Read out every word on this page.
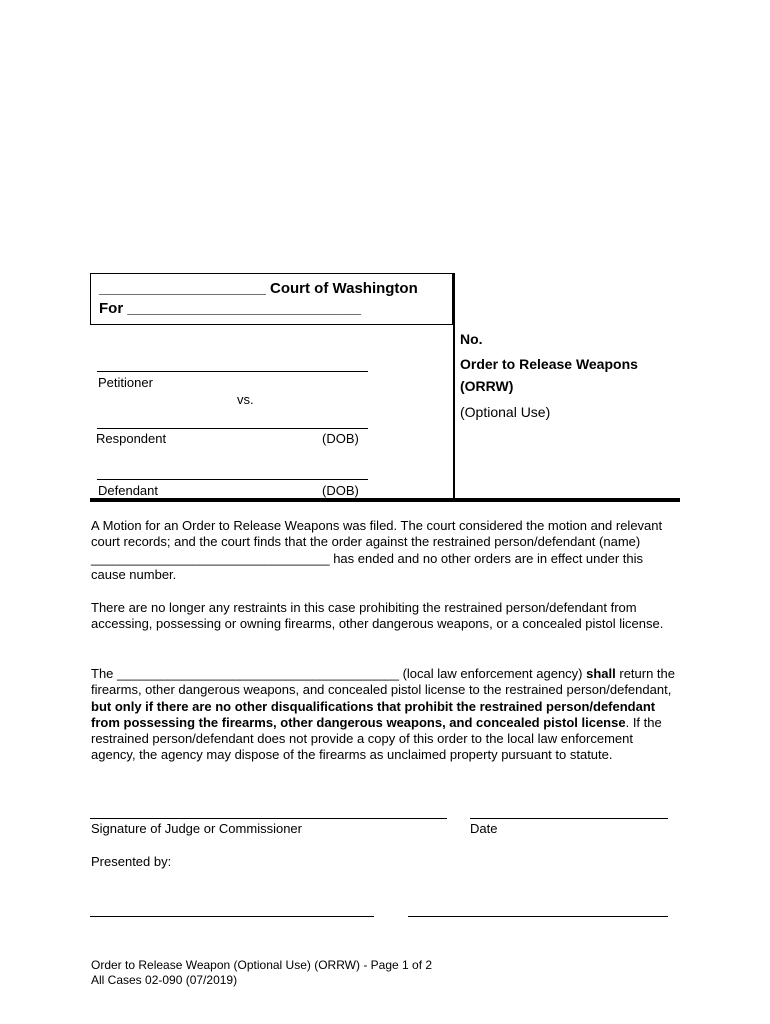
____________________ Court of Washington
For ____________________________
Petitioner
vs.
Respondent	(DOB)
Defendant	(DOB)
No.
Order to Release Weapons
(ORRW)
(Optional Use)
A Motion for an Order to Release Weapons was filed. The court considered the motion and relevant court records; and the court finds that the order against the restrained person/defendant (name) _________________________________ has ended and no other orders are in effect under this cause number.
There are no longer any restraints in this case prohibiting the restrained person/defendant from accessing, possessing or owning firearms, other dangerous weapons, or a concealed pistol license.
The _______________________________________ (local law enforcement agency) shall return the firearms, other dangerous weapons, and concealed pistol license to the restrained person/defendant, but only if there are no other disqualifications that prohibit the restrained person/defendant from possessing the firearms, other dangerous weapons, and concealed pistol license. If the restrained person/defendant does not provide a copy of this order to the local law enforcement agency, the agency may dispose of the firearms as unclaimed property pursuant to statute.
Signature of Judge or Commissioner	Date
Presented by:
Order to Release Weapon (Optional Use) (ORRW) - Page 1 of 2
All Cases 02-090 (07/2019)
